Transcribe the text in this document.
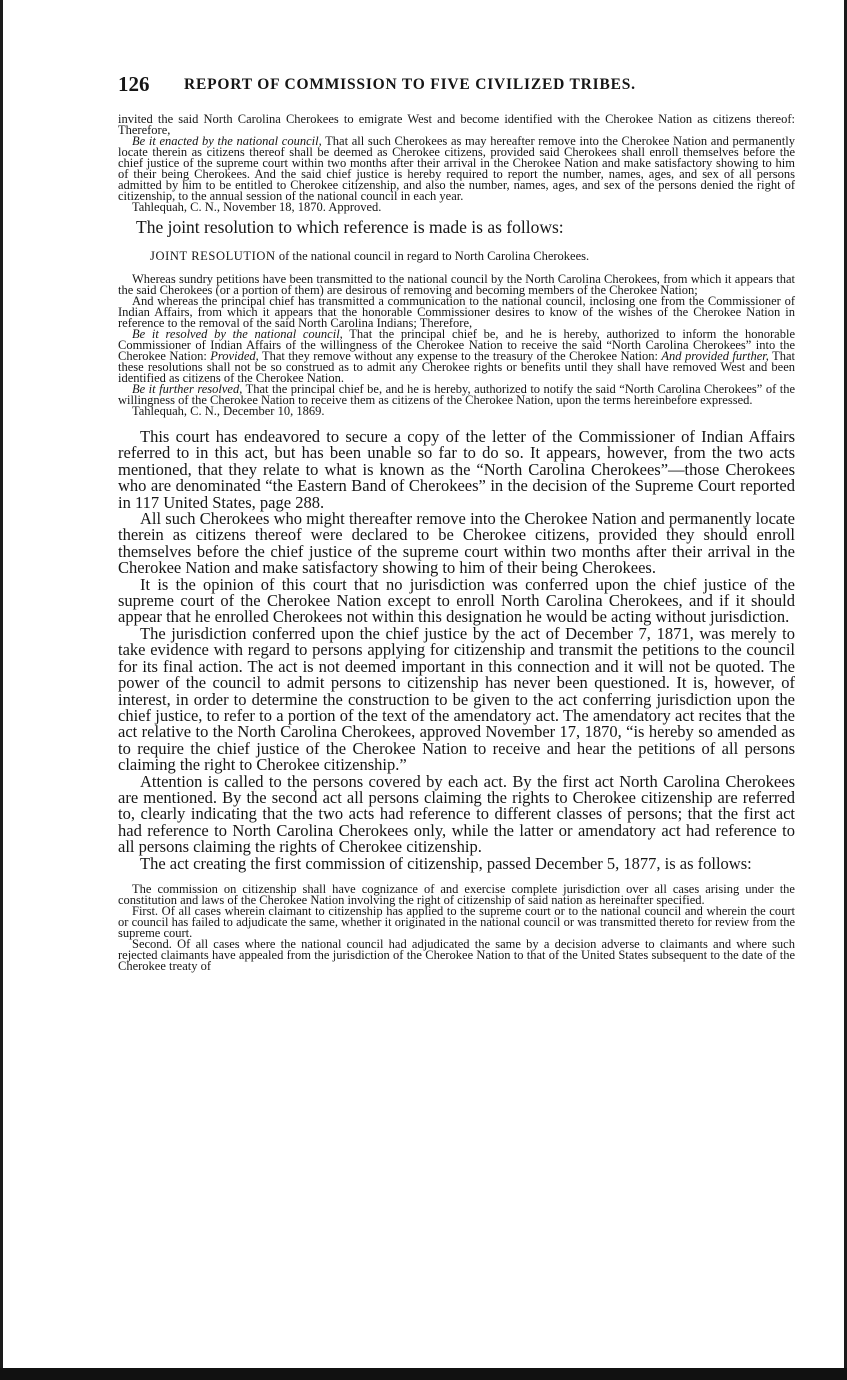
126 REPORT OF COMMISSION TO FIVE CIVILIZED TRIBES.

invited the said North Carolina Cherokees to emigrate West and become identified with the Cherokee Nation as citizens thereof: Therefore,

Be it enacted by the national council, That all such Cherokees as may hereafter remove into the Cherokee Nation and permanently locate therein as citizens thereof shall be deemed as Cherokee citizens, provided said Cherokees shall enroll themselves before the chief justice of the supreme court within two months after their arrival in the Cherokee Nation and make satisfactory showing to him of their being Cherokees. And the said chief justice is hereby required to report the number, names, ages, and sex of all persons admitted by him to be entitled to Cherokee citizenship, and also the number, names, ages, and sex of the persons denied the right of citizenship, to the annual session of the national council in each year.

Tahlequah, C. N., November 18, 1870. Approved.

The joint resolution to which reference is made is as follows:

JOINT RESOLUTION of the national council in regard to North Carolina Cherokees.

Whereas sundry petitions have been transmitted to the national council by the North Carolina Cherokees, from which it appears that the said Cherokees (or a portion of them) are desirous of removing and becoming members of the Cherokee Nation;

And whereas the principal chief has transmitted a communication to the national council, inclosing one from the Commissioner of Indian Affairs, from which it appears that the honorable Commissioner desires to know of the wishes of the Cherokee Nation in reference to the removal of the said North Carolina Indians; Therefore,

Be it resolved by the national council, That the principal chief be, and he is hereby, authorized to inform the honorable Commissioner of Indian Affairs of the willingness of the Cherokee Nation to receive the said “North Carolina Cherokees” into the Cherokee Nation: Provided, That they remove without any expense to the treasury of the Cherokee Nation: And provided further, That these resolutions shall not be so construed as to admit any Cherokee rights or benefits until they shall have removed West and been identified as citizens of the Cherokee Nation.

Be it further resolved, That the principal chief be, and he is hereby, authorized to notify the said “North Carolina Cherokees” of the willingness of the Cherokee Nation to receive them as citizens of the Cherokee Nation, upon the terms hereinbefore expressed.

Tahlequah, C. N., December 10, 1869.

This court has endeavored to secure a copy of the letter of the Commissioner of Indian Affairs referred to in this act, but has been unable so far to do so. It appears, however, from the two acts mentioned, that they relate to what is known as the “North Carolina Cherokees”—those Cherokees who are denominated “the Eastern Band of Cherokees” in the decision of the Supreme Court reported in 117 United States, page 288.

All such Cherokees who might thereafter remove into the Cherokee Nation and permanently locate therein as citizens thereof were declared to be Cherokee citizens, provided they should enroll themselves before the chief justice of the supreme court within two months after their arrival in the Cherokee Nation and make satisfactory showing to him of their being Cherokees.

It is the opinion of this court that no jurisdiction was conferred upon the chief justice of the supreme court of the Cherokee Nation except to enroll North Carolina Cherokees, and if it should appear that he enrolled Cherokees not within this designation he would be acting without jurisdiction.

The jurisdiction conferred upon the chief justice by the act of December 7, 1871, was merely to take evidence with regard to persons applying for citizenship and transmit the petitions to the council for its final action. The act is not deemed important in this connection and it will not be quoted. The power of the council to admit persons to citizenship has never been questioned. It is, however, of interest, in order to determine the construction to be given to the act conferring jurisdiction upon the chief justice, to refer to a portion of the text of the amendatory act. The amendatory act recites that the act relative to the North Carolina Cherokees, approved November 17, 1870, “is hereby so amended as to require the chief justice of the Cherokee Nation to receive and hear the petitions of all persons claiming the right to Cherokee citizenship.”

Attention is called to the persons covered by each act. By the first act North Carolina Cherokees are mentioned. By the second act all persons claiming the rights to Cherokee citizenship are referred to, clearly indicating that the two acts had reference to different classes of persons; that the first act had reference to North Carolina Cherokees only, while the latter or amendatory act had reference to all persons claiming the rights of Cherokee citizenship.

The act creating the first commission of citizenship, passed December 5, 1877, is as follows:

The commission on citizenship shall have cognizance of and exercise complete jurisdiction over all cases arising under the constitution and laws of the Cherokee Nation involving the right of citizenship of said nation as hereinafter specified.

First. Of all cases wherein claimant to citizenship has applied to the supreme court or to the national council and wherein the court or council has failed to adjudicate the same, whether it originated in the national council or was transmitted thereto for review from the supreme court.

Second. Of all cases where the national council had adjudicated the same by a decision adverse to claimants and where such rejected claimants have appealed from the jurisdiction of the Cherokee Nation to that of the United States subsequent to the date of the Cherokee treaty of
